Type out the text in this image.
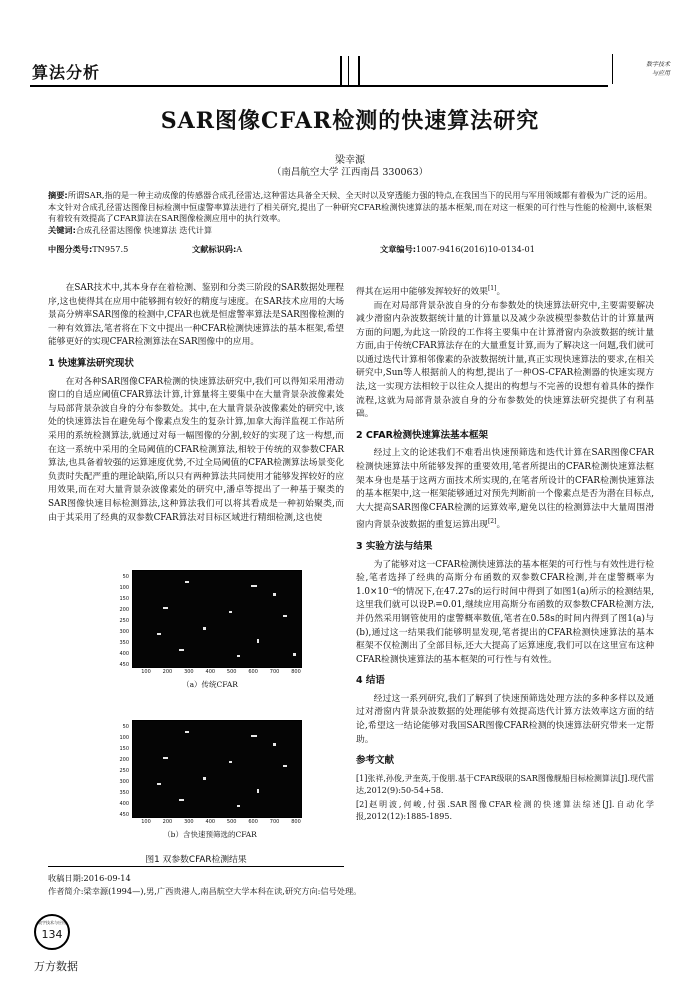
算法分析	数字技术
与应用
SAR图像CFAR检测的快速算法研究
梁幸源
（南昌航空大学 江西南昌 330063）
摘要:所谓SAR,指的是一种主动成像的传感器合成孔径雷达,这种雷达具备全天候、全天时以及穿透能力强的特点,在我国当下的民用与军用领域都有着极为广泛的运用。本文针对合成孔径雷达图像目标检测中恒虚警率算法进行了相关研究,提出了一种研究CFAR检测快速算法的基本框架,而在对这一框架的可行性与性能的检测中,该框架有着较有效提高了CFAR算法在SAR图像检测应用中的执行效率。
关键词:合成孔径雷达图像 快速算法 迭代计算
中图分类号:TN957.5	文献标识码:A	文章编号:1007-9416(2016)10-0134-01

在SAR技术中,其本身存在着检测、鉴别和分类三阶段的SAR数据处理程序,这也使得其在应用中能够拥有较好的精度与速度。在SAR技术应用的大场景高分辨率SAR图像的检测中,CFAR也就是恒虚警率算法是SAR图像检测的一种有效算法,笔者将在下文中提出一种CFAR检测快速算法的基本框架,希望能够更好的实现CFAR检测算法在SAR图像中的应用。

1 快速算法研究现状

在对各种SAR图像CFAR检测的快速算法研究中,我们可以得知采用滑动窗口的自适应阈值CFAR算法计算,计算量将主要集中在大量背景杂波像素处与局部背景杂波自身的分布参数处。其中,在大量背景杂波像素处的研究中,该处的快速算法旨在避免每个像素点发生的复杂计算,加拿大海洋监视工作站所采用的系统检测算法,就通过对每一幅图像的分割,较好的实现了这一构想,而在这一系统中采用的全局阈值的CFAR检测算法,相较于传统的双参数CFAR算法,也具备着较强的运算速度优势,不过全局阈值的CFAR检测算法场景变化负责时失配严重的理论缺陷,所以只有两种算法共同使用才能够发挥较好的应用效果,而在对大量背景杂波像素处的研究中,潘卓等提出了一种基于聚类的SAR图像快速目标检测算法,这种算法我们可以将其看成是一种初始聚类,而由于其采用了经典的双参数CFAR算法对目标区域进行精细检测,这也使

50
100
150
200
250
300
350
400
450
100 200 300 400 500 600 700 800
（a）传统CFAR
50
100
150
200
250
300
350
400
450
100 200 300 400 500 600 700 800
（b）含快速预筛选的CFAR
图1 双参数CFAR检测结果

得其在运用中能够发挥较好的效果[1]。

而在对局部背景杂波自身的分布参数处的快速算法研究中,主要需要解决减少滑窗内杂波数据统计量的计算量以及减少杂波模型参数估计的计算量两方面的问题,为此这一阶段的工作将主要集中在计算滑窗内杂波数据的统计量方面,由于传统CFAR算法存在的大量重复计算,而为了解决这一问题,我们就可以通过迭代计算相邻像素的杂波数据统计量,真正实现快速算法的要求,在相关研究中,Sun等人根据前人的构想,提出了一种OS-CFAR检测器的快速实现方法,这一实现方法相较于以往众人提出的构想与不完善的设想有着具体的操作流程,这就为局部背景杂波自身的分布参数处的快速算法研究提供了有利基础。

2 CFAR检测快速算法基本框架

经过上文的论述我们不难看出快速预筛选和迭代计算在SAR图像CFAR检测快速算法中所能够发挥的重要效用,笔者所提出的CFAR检测快速算法框架本身也是基于这两方面技术所实现的,在笔者所设计的CFAR检测快速算法的基本框架中,这一框架能够通过对预先判断前一个像素点是否为潜在目标点,大大提高SAR图像CFAR检测的运算效率,避免以往的检测算法中大量周围滑窗内背景杂波数据的重复运算出现[2]。

3 实验方法与结果

为了能够对这一CFAR检测快速算法的基本框架的可行性与有效性进行检验,笔者选择了经典的高斯分布函数的双参数CFAR检测,并在虚警概率为1.0×10⁻⁶的情况下,在47.27s的运行时间中得到了如图1(a)所示的检测结果,这里我们就可以设Pᵢ=0.01,继续应用高斯分布函数的双参数CFAR检测方法,并仍然采用钢管使用的虚警概率数值,笔者在0.58s的时间内得到了图1(a)与(b),通过这一结果我们能够明显发现,笔者提出的CFAR检测快速算法的基本框架不仅检测出了全部目标,还大大提高了运算速度,我们可以在这里宣布这种CFAR检测快速算法的基本框架的可行性与有效性。

4 结语

经过这一系列研究,我们了解到了快速预筛选处理方法的多种多样以及通过对滑窗内背景杂波数据的处理能够有效提高迭代计算方法效率这方面的结论,希望这一结论能够对我国SAR图像CFAR检测的快速算法研究带来一定帮助。

参考文献

[1]张祥,孙俊,尹奎英,于俊朋.基于CFAR级联的SAR图像舰船目标检测算法[J].现代雷达,2012(9):50-54+58.

[2]赵明波,何峻,付强.SAR图像CFAR检测的快速算法综述[J].自动化学报,2012(12):1885-1895.

收稿日期:2016-09-14
作者简介:梁幸源(1994—),男,广西贵港人,南昌航空大学本科在读,研究方向:信号处理。
数字技术与应用
134
万方数据
